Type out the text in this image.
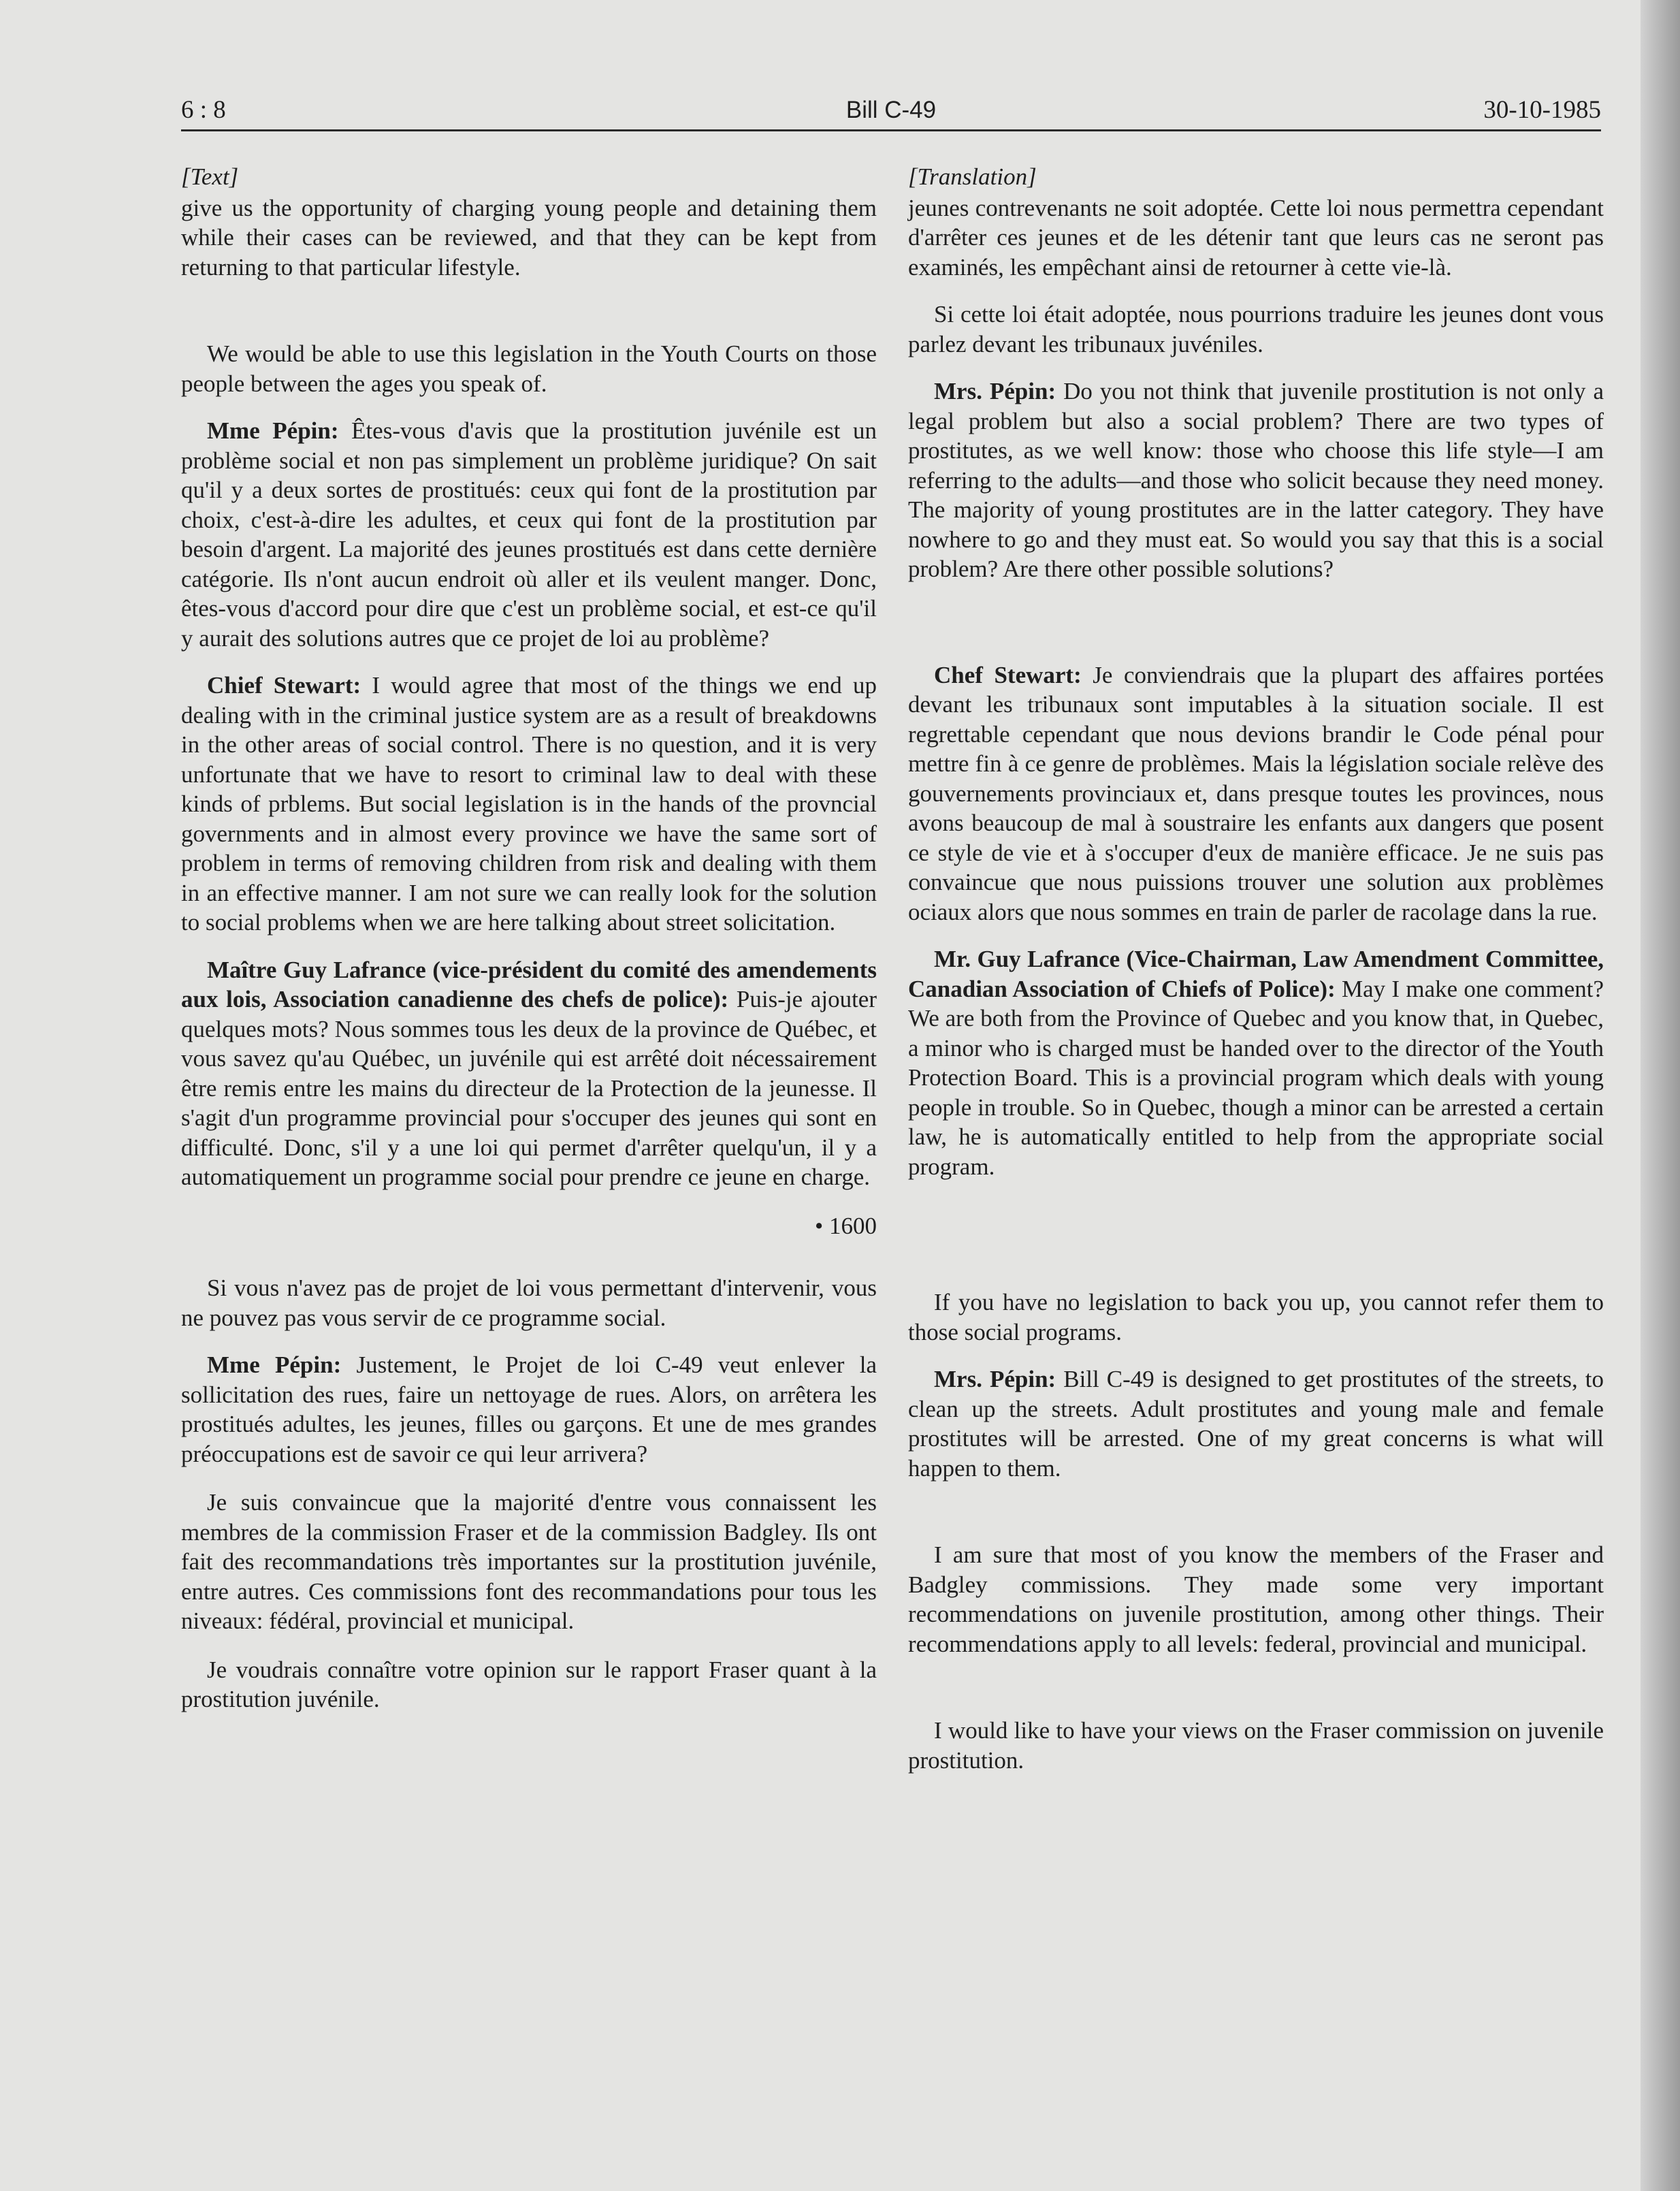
6 : 8	Bill C-49	30-10-1985

[Text]

give us the opportunity of charging young people and detaining them while their cases can be reviewed, and that they can be kept from returning to that particular lifestyle.

We would be able to use this legislation in the Youth Courts on those people between the ages you speak of.

Mme Pépin: Êtes-vous d'avis que la prostitution juvénile est un problème social et non pas simplement un problème juridique? On sait qu'il y a deux sortes de prostitués: ceux qui font de la prostitution par choix, c'est-à-dire les adultes, et ceux qui font de la prostitution par besoin d'argent. La majorité des jeunes prostitués est dans cette dernière catégorie. Ils n'ont aucun endroit où aller et ils veulent manger. Donc, êtes-vous d'accord pour dire que c'est un problème social, et est-ce qu'il y aurait des solutions autres que ce projet de loi au problème?

Chief Stewart: I would agree that most of the things we end up dealing with in the criminal justice system are as a result of breakdowns in the other areas of social control. There is no question, and it is very unfortunate that we have to resort to criminal law to deal with these kinds of prblems. But social legislation is in the hands of the provncial governments and in almost every province we have the same sort of problem in terms of removing children from risk and dealing with them in an effective manner. I am not sure we can really look for the solution to social problems when we are here talking about street solicitation.

Maître Guy Lafrance (vice-président du comité des amendements aux lois, Association canadienne des chefs de police): Puis-je ajouter quelques mots? Nous sommes tous les deux de la province de Québec, et vous savez qu'au Québec, un juvénile qui est arrêté doit nécessairement être remis entre les mains du directeur de la Protection de la jeunesse. Il s'agit d'un programme provincial pour s'occuper des jeunes qui sont en difficulté. Donc, s'il y a une loi qui permet d'arrêter quelqu'un, il y a automatiquement un programme social pour prendre ce jeune en charge.

• 1600

Si vous n'avez pas de projet de loi vous permettant d'intervenir, vous ne pouvez pas vous servir de ce programme social.

Mme Pépin: Justement, le Projet de loi C-49 veut enlever la sollicitation des rues, faire un nettoyage de rues. Alors, on arrêtera les prostitués adultes, les jeunes, filles ou garçons. Et une de mes grandes préoccupations est de savoir ce qui leur arrivera?

Je suis convaincue que la majorité d'entre vous connaissent les membres de la commission Fraser et de la commission Badgley. Ils ont fait des recommandations très importantes sur la prostitution juvénile, entre autres. Ces commissions font des recommandations pour tous les niveaux: fédéral, provincial et municipal.

Je voudrais connaître votre opinion sur le rapport Fraser quant à la prostitution juvénile.

[Translation]

jeunes contrevenants ne soit adoptée. Cette loi nous permettra cependant d'arrêter ces jeunes et de les détenir tant que leurs cas ne seront pas examinés, les empêchant ainsi de retourner à cette vie-là.

Si cette loi était adoptée, nous pourrions traduire les jeunes dont vous parlez devant les tribunaux juvéniles.

Mrs. Pépin: Do you not think that juvenile prostitution is not only a legal problem but also a social problem? There are two types of prostitutes, as we well know: those who choose this life style—I am referring to the adults—and those who solicit because they need money. The majority of young prostitutes are in the latter category. They have nowhere to go and they must eat. So would you say that this is a social problem? Are there other possible solutions?

Chef Stewart: Je conviendrais que la plupart des affaires portées devant les tribunaux sont imputables à la situation sociale. Il est regrettable cependant que nous devions brandir le Code pénal pour mettre fin à ce genre de problèmes. Mais la législation sociale relève des gouvernements provinciaux et, dans presque toutes les provinces, nous avons beaucoup de mal à soustraire les enfants aux dangers que posent ce style de vie et à s'occuper d'eux de manière efficace. Je ne suis pas convaincue que nous puissions trouver une solution aux problèmes ociaux alors que nous sommes en train de parler de racolage dans la rue.

Mr. Guy Lafrance (Vice-Chairman, Law Amendment Committee, Canadian Association of Chiefs of Police): May I make one comment? We are both from the Province of Quebec and you know that, in Quebec, a minor who is charged must be handed over to the director of the Youth Protection Board. This is a provincial program which deals with young people in trouble. So in Quebec, though a minor can be arrested a certain law, he is automatically entitled to help from the appropriate social program.

If you have no legislation to back you up, you cannot refer them to those social programs.

Mrs. Pépin: Bill C-49 is designed to get prostitutes of the streets, to clean up the streets. Adult prostitutes and young male and female prostitutes will be arrested. One of my great concerns is what will happen to them.

I am sure that most of you know the members of the Fraser and Badgley commissions. They made some very important recommendations on juvenile prostitution, among other things. Their recommendations apply to all levels: federal, provincial and municipal.

I would like to have your views on the Fraser commission on juvenile prostitution.
